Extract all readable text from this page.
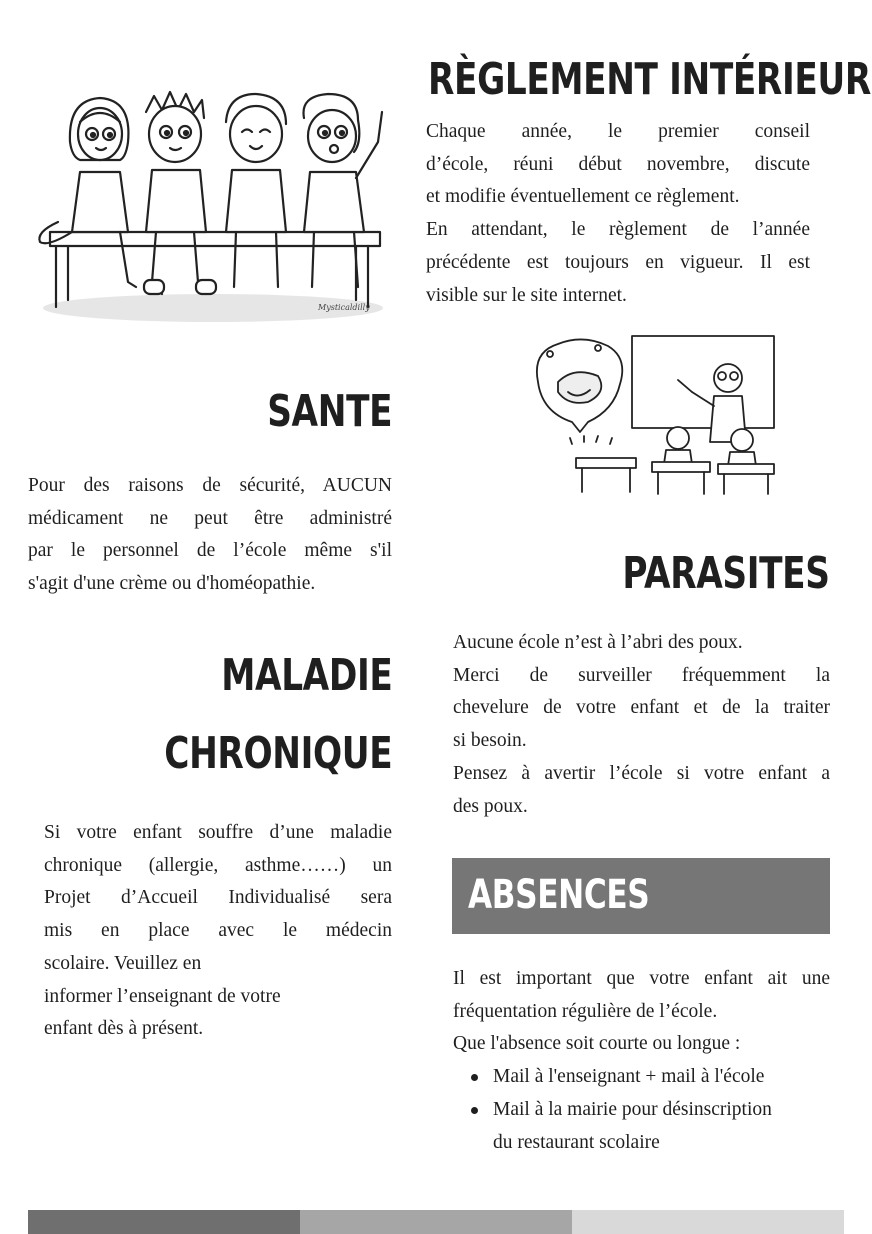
Mysticaldilly
RÈGLEMENT INTÉRIEUR
Chaque année, le premier conseil
d’école, réuni début novembre, discute
et modifie éventuellement ce règlement.
En attendant, le règlement de l’année
précédente est toujours en vigueur. Il est
visible sur le site internet.
SANTE
Pour des raisons de sécurité, AUCUN
médicament ne peut être administré
par le personnel de l’école même s'il
s'agit d'une crème ou d'homéopathie.	PARASITES
Aucune école n’est à l’abri des poux.
Merci de surveiller fréquemment la
chevelure de votre enfant et de la traiter
si besoin.
Pensez à avertir l’école si votre enfant a
des poux.
MALADIE
CHRONIQUE
Si votre enfant souffre d’une maladie
chronique (allergie, asthme……) un
Projet d’Accueil Individualisé sera
mis en place avec le médecin
scolaire. Veuillez en
informer l’enseignant de votre
enfant dès à présent.
ABSENCES
Il est important que votre enfant ait une
fréquentation régulière de l’école.
Que l'absence soit courte ou longue :
Mail à l'enseignant + mail à l'école
Mail à la mairie pour désinscription
du restaurant scolaire
